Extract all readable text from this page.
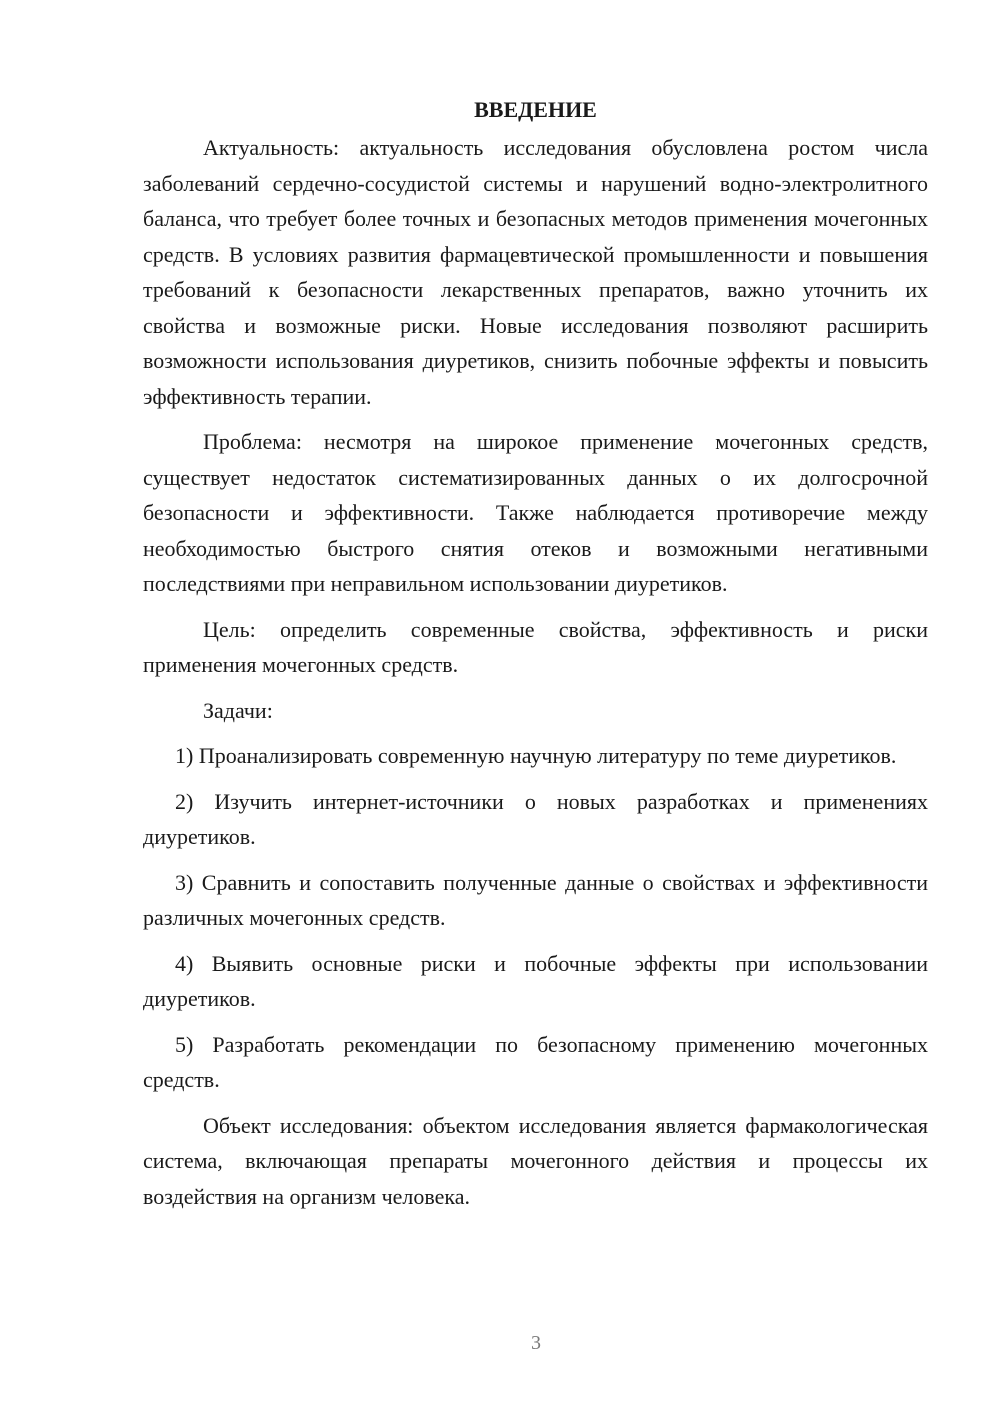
ВВЕДЕНИЕ

Актуальность: актуальность исследования обусловлена ростом числа заболеваний сердечно-сосудистой системы и нарушений водно-электролитного баланса, что требует более точных и безопасных методов применения мочегонных средств. В условиях развития фармацевтической промышленности и повышения требований к безопасности лекарственных препаратов, важно уточнить их свойства и возможные риски. Новые исследования позволяют расширить возможности использования диуретиков, снизить побочные эффекты и повысить эффективность терапии.

Проблема: несмотря на широкое применение мочегонных средств, существует недостаток систематизированных данных о их долгосрочной безопасности и эффективности. Также наблюдается противоречие между необходимостью быстрого снятия отеков и возможными негативными последствиями при неправильном использовании диуретиков.

Цель: определить современные свойства, эффективность и риски применения мочегонных средств.

Задачи:

1) Проанализировать современную научную литературу по теме диуретиков.

2) Изучить интернет-источники о новых разработках и применениях диуретиков.

3) Сравнить и сопоставить полученные данные о свойствах и эффективности различных мочегонных средств.

4) Выявить основные риски и побочные эффекты при использовании диуретиков.

5) Разработать рекомендации по безопасному применению мочегонных средств.

Объект исследования: объектом исследования является фармакологическая система, включающая препараты мочегонного действия и процессы их воздействия на организм человека.

3
